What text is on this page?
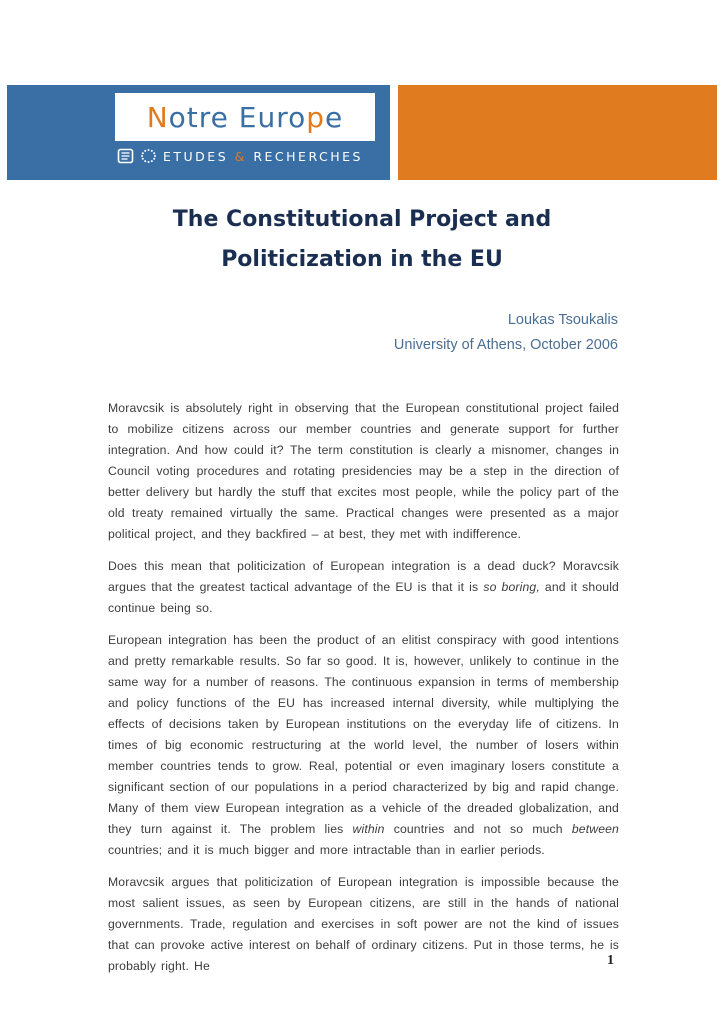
Notre Europe
ETUDES & RECHERCHES
The Constitutional Project and
Politicization in the EU
Loukas Tsoukalis
University of Athens, October 2006

Moravcsik is absolutely right in observing that the European constitutional project failed to mobilize citizens across our member countries and generate support for further integration. And how could it? The term constitution is clearly a misnomer, changes in Council voting procedures and rotating presidencies may be a step in the direction of better delivery but hardly the stuff that excites most people, while the policy part of the old treaty remained virtually the same. Practical changes were presented as a major political project, and they backfired – at best, they met with indifference.

Does this mean that politicization of European integration is a dead duck? Moravcsik argues that the greatest tactical advantage of the EU is that it is so boring, and it should continue being so.

European integration has been the product of an elitist conspiracy with good intentions and pretty remarkable results. So far so good. It is, however, unlikely to continue in the same way for a number of reasons. The continuous expansion in terms of membership and policy functions of the EU has increased internal diversity, while multiplying the effects of decisions taken by European institutions on the everyday life of citizens. In times of big economic restructuring at the world level, the number of losers within member countries tends to grow. Real, potential or even imaginary losers constitute a significant section of our populations in a period characterized by big and rapid change. Many of them view European integration as a vehicle of the dreaded globalization, and they turn against it. The problem lies within countries and not so much between countries; and it is much bigger and more intractable than in earlier periods.

Moravcsik argues that politicization of European integration is impossible because the most salient issues, as seen by European citizens, are still in the hands of national governments. Trade, regulation and exercises in soft power are not the kind of issues that can provoke active interest on behalf of ordinary citizens. Put in those terms, he is probably right. He	1
